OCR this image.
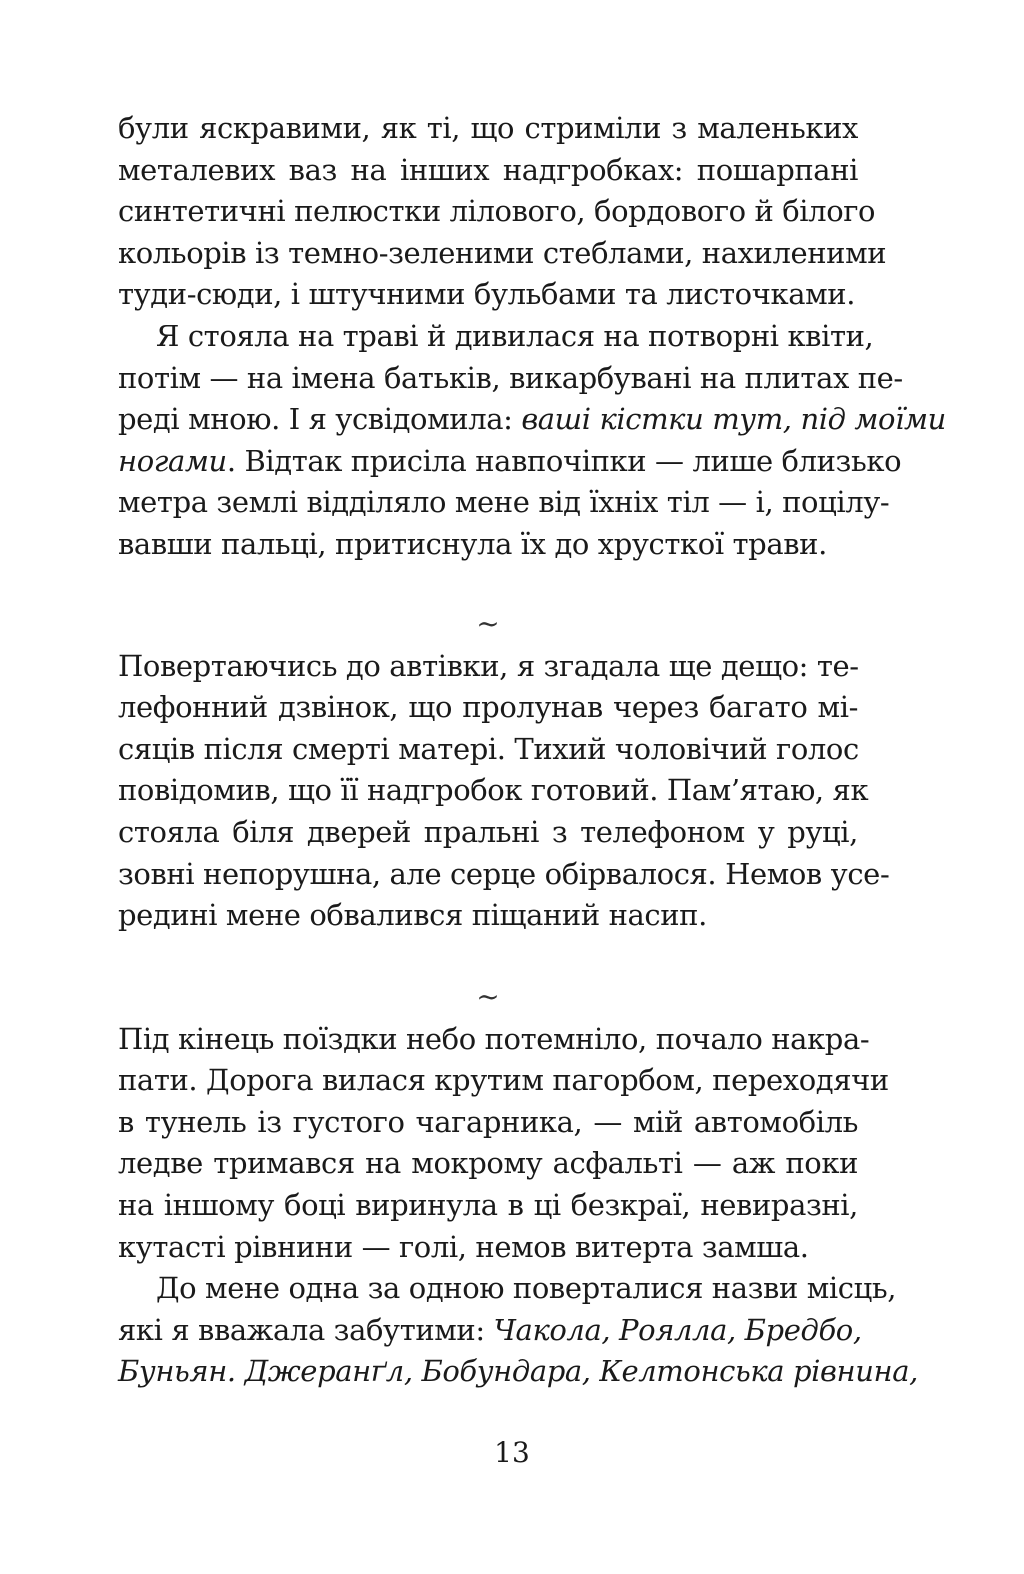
були яскравими, як ті, що стриміли з маленьких
металевих ваз на інших надгробках: пошарпані
синтетичні пелюстки лілового, бордового й білого
кольорів із темно-зеленими стеблами, нахиленими
туди-сюди, і штучними бульбами та листочками.

Я стояла на траві й дивилася на потворні квіти,
потім — на імена батьків, викарбувані на плитах пе-
реді мною. І я усвідомила: ваші кістки тут, під моїми
ногами. Відтак присіла навпочіпки — лише близько
метра землі відділяло мене від їхніх тіл — і, поцілу-
вавши пальці, притиснула їх до хрусткої трави.

~

Повертаючись до автівки, я згадала ще дещо: те-
лефонний дзвінок, що пролунав через багато мі-
сяців після смерті матері. Тихий чоловічий голос
повідомив, що її надгробок готовий. Пам’ятаю, як
стояла біля дверей пральні з телефоном у руці,
зовні непорушна, але серце обірвалося. Немов усе-
редині мене обвалився піщаний насип.

~

Під кінець поїздки небо потемніло, почало накра-
пати. Дорога вилася крутим пагорбом, переходячи
в тунель із густого чагарника, — мій автомобіль
ледве тримався на мокрому асфальті — аж поки
на іншому боці виринула в ці безкраї, невиразні,
кутасті рівнини — голі, немов витерта замша.

До мене одна за одною поверталися назви місць,
які я вважала забутими: Чакола, Роялла, Бредбо,
Буньян. Джеранґл, Бобундара, Келтонська рівнина,

13
